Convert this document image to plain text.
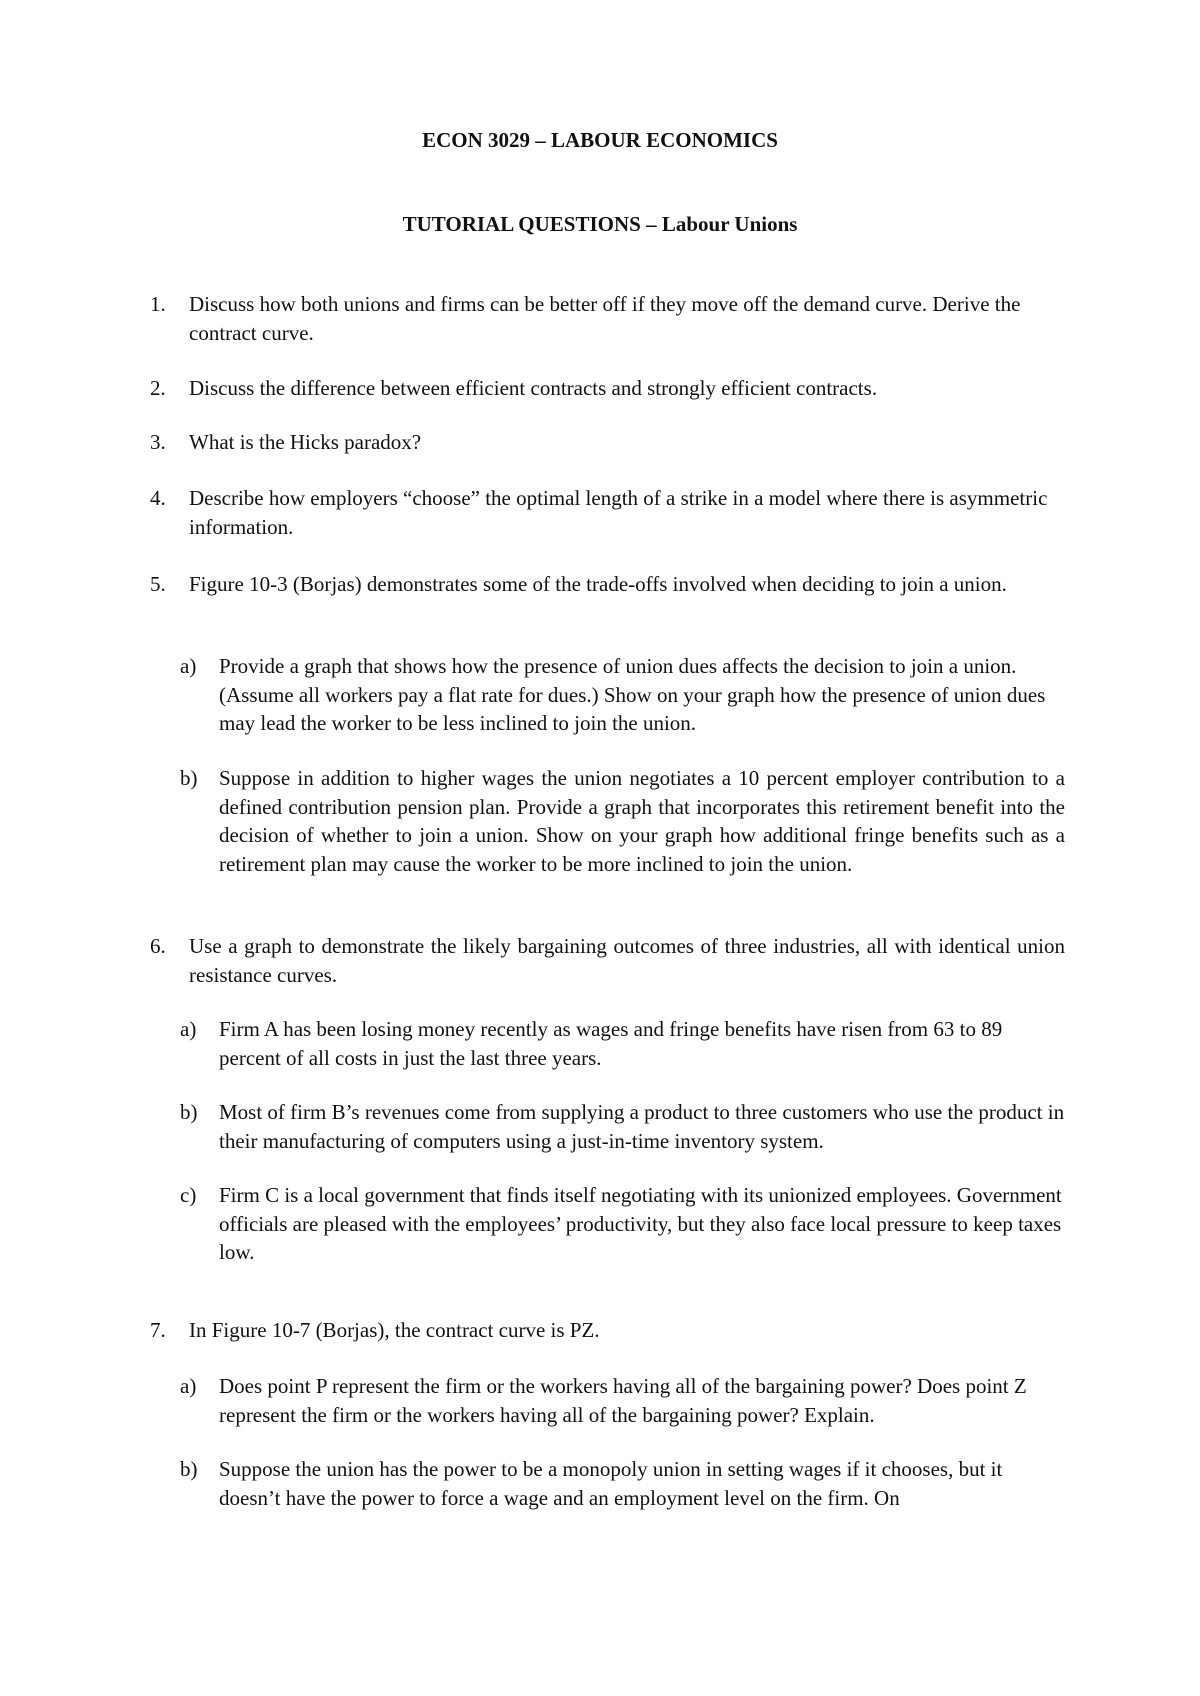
ECON 3029 – LABOUR ECONOMICS
TUTORIAL QUESTIONS – Labour Unions
1. Discuss how both unions and firms can be better off if they move off the demand curve. Derive the contract curve.
2. Discuss the difference between efficient contracts and strongly efficient contracts.
3. What is the Hicks paradox?
4. Describe how employers “choose” the optimal length of a strike in a model where there is asymmetric information.
5. Figure 10-3 (Borjas) demonstrates some of the trade-offs involved when deciding to join a union.
a) Provide a graph that shows how the presence of union dues affects the decision to join a union. (Assume all workers pay a flat rate for dues.) Show on your graph how the presence of union dues may lead the worker to be less inclined to join the union.
b) Suppose in addition to higher wages the union negotiates a 10 percent employer contribution to a defined contribution pension plan. Provide a graph that incorporates this retirement benefit into the decision of whether to join a union. Show on your graph how additional fringe benefits such as a retirement plan may cause the worker to be more inclined to join the union.
6. Use a graph to demonstrate the likely bargaining outcomes of three industries, all with identical union resistance curves.
a) Firm A has been losing money recently as wages and fringe benefits have risen from 63 to 89 percent of all costs in just the last three years.
b) Most of firm B’s revenues come from supplying a product to three customers who use the product in their manufacturing of computers using a just-in-time inventory system.
c) Firm C is a local government that finds itself negotiating with its unionized employees. Government officials are pleased with the employees’ productivity, but they also face local pressure to keep taxes low.
7. In Figure 10-7 (Borjas), the contract curve is PZ.
a) Does point P represent the firm or the workers having all of the bargaining power? Does point Z represent the firm or the workers having all of the bargaining power? Explain.
b) Suppose the union has the power to be a monopoly union in setting wages if it chooses, but it doesn’t have the power to force a wage and an employment level on the firm. On
